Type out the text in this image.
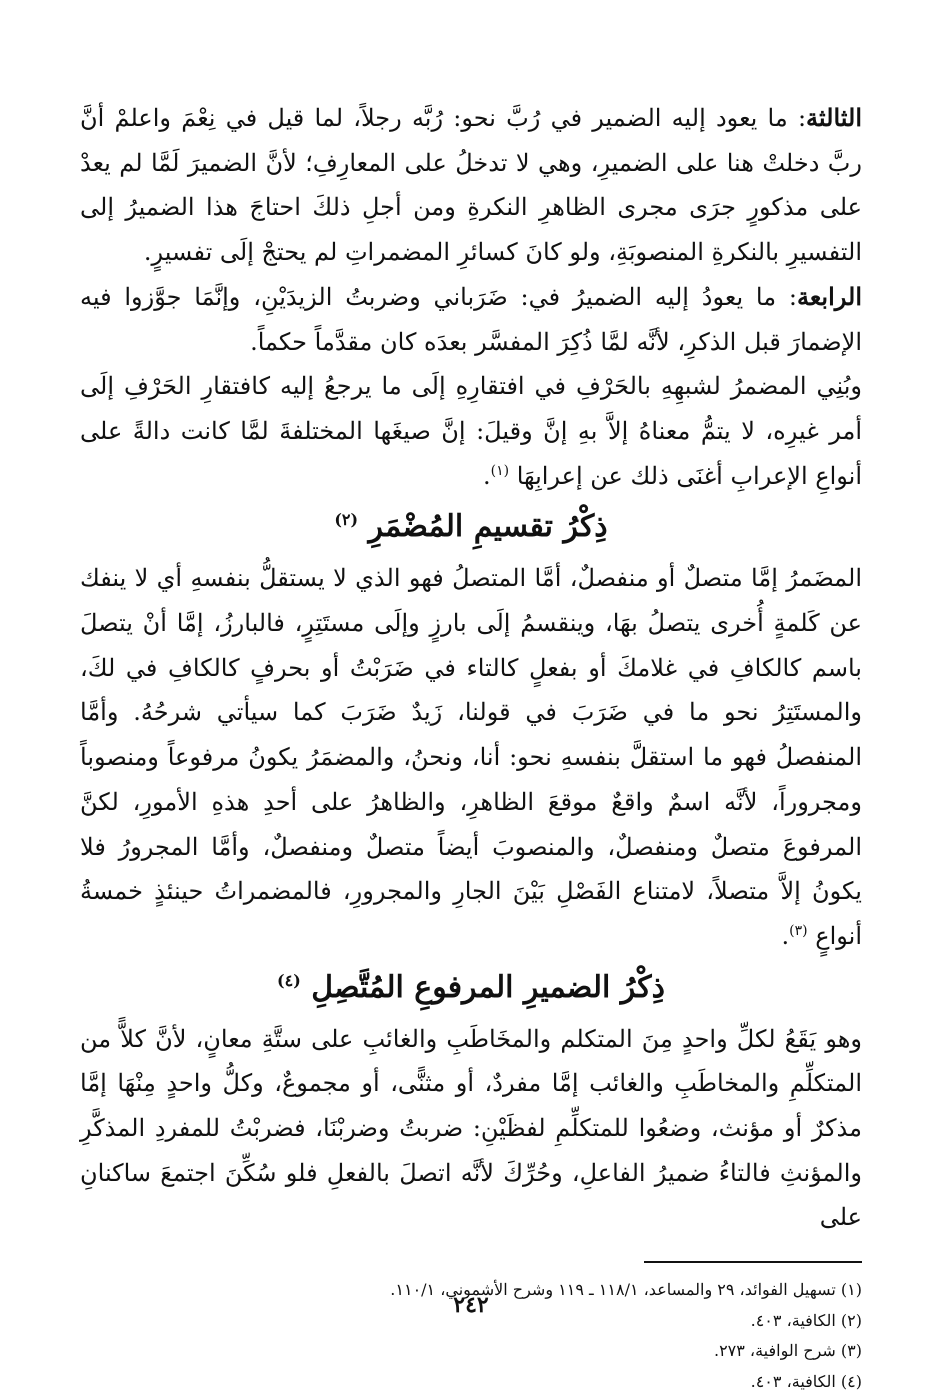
الثالثة: ما يعود إليه الضمير في رُبَّ نحو: رُبَّه رجلاً، لما قيل في نِعْمَ واعلمْ أنَّ ربَّ دخلتْ هنا على الضميرِ، وهي لا تدخلُ على المعارِفِ؛ لأنَّ الضميرَ لَمَّا لم يعدْ على مذكورٍ جرَى مجرى الظاهرِ النكرةِ ومن أجلِ ذلكَ احتاجَ هذا الضميرُ إلى التفسيرِ بالنكرةِ المنصوبَةِ، ولو كانَ كسائرِ المضمراتِ لم يحتجْ إلَى تفسيرٍ.

الرابعة: ما يعودُ إليه الضميرُ في: ضَرَباني وضربتُ الزيدَيْنِ، وإنَّمَا جوَّزوا فيه الإضمارَ قبل الذكرِ، لأنَّه لمَّا ذُكِرَ المفسَّر بعدَه كان مقدَّماً حكماً.

وبُنِي المضمرُ لشبهِهِ بالحَرْفِ في افتقارِهِ إلَى ما يرجعُ إليه كافتقارِ الحَرْفِ إلَى أمر غيرِه، لا يتمُّ معناهُ إلاَّ بهِ إنَّ وقيلَ: إنَّ صيغَها المختلفةَ لمَّا كانت دالةً على أنواعِ الإعرابِ أغنَى ذلك عن إعرابِهَا $^{(١)}$.

ذِكْرُ تقسيمِ المُضْمَرِ $^{(٢)}$

المضَمرُ إمَّا متصلٌ أو منفصلٌ، أمَّا المتصلُ فهو الذي لا يستقلُّ بنفسهِ أي لا ينفك عن كَلمةٍ أُخرى يتصلُ بهَا، وينقسمُ إلَى بارزٍ وإلَى مستَتِرٍ، فالبارزُ، إمَّا أنْ يتصلَ باسم كالكافِ في غلامكَ أو بفعلٍ كالتاء في ضَرَبْتُ أو بحرفٍ كالكافِ في لكَ، والمستَتِرُ نحو ما في ضَرَبَ في قولنا، زَيدٌ ضَرَبَ كما سيأتي شرحُهُ. وأمَّا المنفصلُ فهو ما استقلَّ بنفسهِ نحو: أنا، ونحنُ، والمضمَرُ يكونُ مرفوعاً ومنصوباً ومجروراً، لأنَّه اسمٌ واقعٌ موقعَ الظاهرِ، والظاهرُ على أحدِ هذهِ الأمورِ، لكنَّ المرفوعَ متصلٌ ومنفصلٌ، والمنصوبَ أيضاً متصلٌ ومنفصلٌ، وأمَّا المجرورُ فلا يكونُ إلاَّ متصلاً، لامتناع الفَصْلِ بَيْنَ الجارِ والمجرورِ، فالمضمراتُ حينئذٍ خمسةُ أنواعٍ $^{(٣)}$.

ذِكْرُ الضميرِ المرفوعِ المُتَّصِلِ $^{(٤)}$

وهو يَقَعُ لكلِّ واحدٍ مِنَ المتكلم والمخَاطَبِ والغائبِ على ستَّةِ معانٍ، لأنَّ كلاًّ من المتكلِّمِ والمخاطَبِ والغائب إمَّا مفردٌ، أو مثنًّى، أو مجموعٌ، وكلُّ واحدٍ مِنْهَا إمَّا مذكرٌ أو مؤنث، وضعُوا للمتكلِّمِ لفظَيْنِ: ضربتُ وضربْنَا، فضربْتُ للمفردِ المذكَّرِ والمؤنثِ فالتاءُ ضميرُ الفاعلِ، وحُرِّكَ لأنَّه اتصلَ بالفعلِ فلو سُكِّنَ اجتمعَ ساكنانِ على

(١) تسهيل الفوائد، ٢٩ والمساعد، ١١٨/١ ـ ١١٩ وشرح الأشموني، ١١٠/١.
(٢) الكافية، ٤٠٣.
(٣) شرح الوافية، ٢٧٣.
(٤) الكافية، ٤٠٣.
٢٤٢
